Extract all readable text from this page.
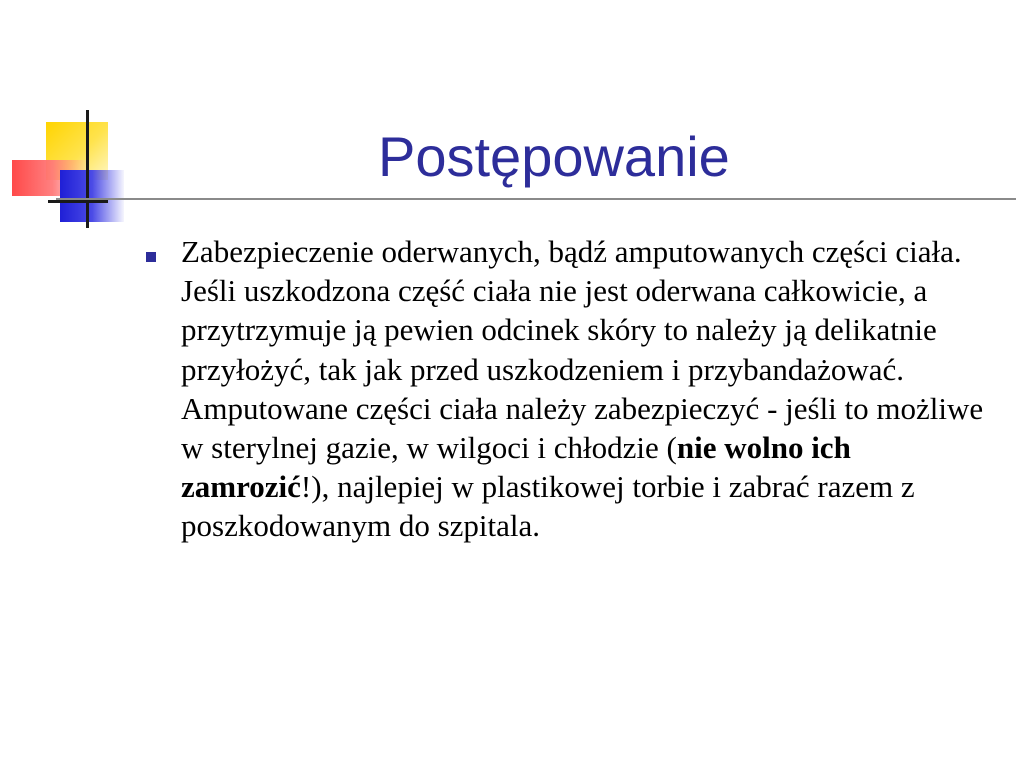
Postępowanie
Zabezpieczenie oderwanych, bądź amputowanych części ciała. Jeśli uszkodzona część ciała nie jest oderwana całkowicie, a przytrzymuje ją pewien odcinek skóry to należy ją delikatnie przyłożyć, tak jak przed uszkodzeniem i przybandażować. Amputowane części ciała należy zabezpieczyć - jeśli to możliwe w sterylnej gazie, w wilgoci i chłodzie (nie wolno ich zamrozić!), najlepiej w plastikowej torbie i zabrać razem z poszkodowanym do szpitala.
